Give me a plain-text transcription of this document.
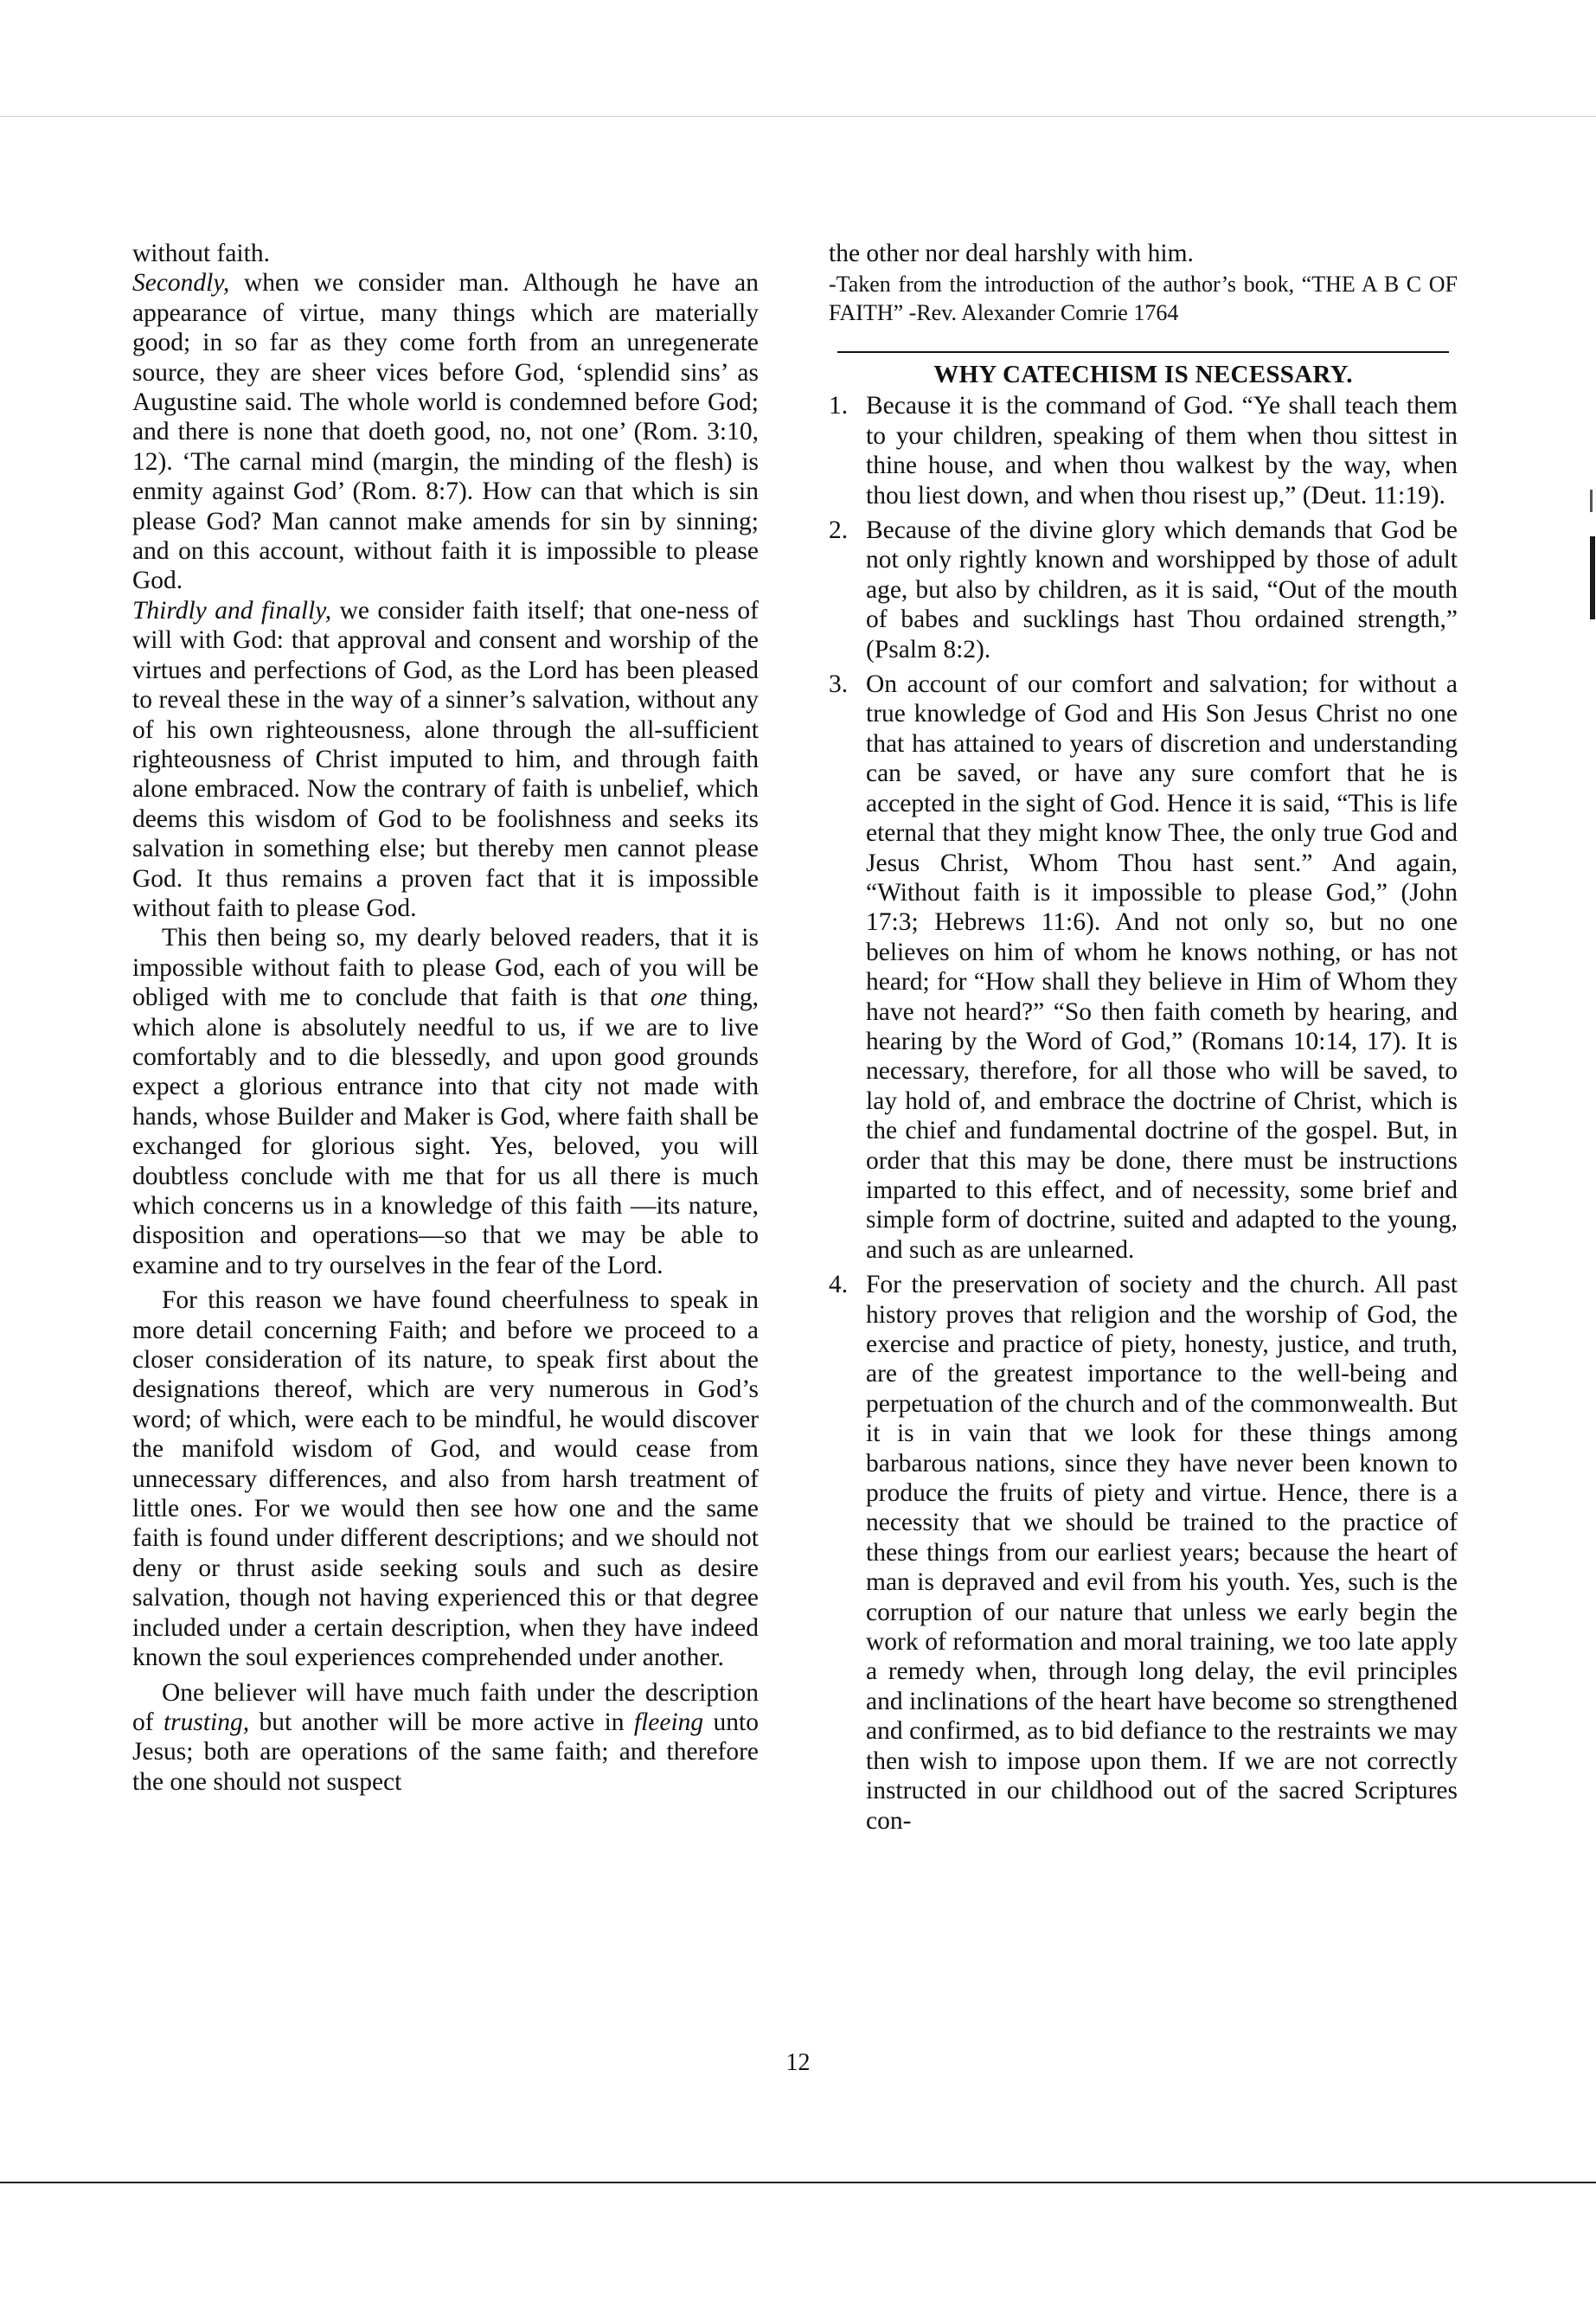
without faith.

Secondly, when we consider man. Although he have an appearance of virtue, many things which are materially good; in so far as they come forth from an unregenerate source, they are sheer vices before God, ‘splendid sins’ as Augustine said. The whole world is condemned before God; and there is none that doeth good, no, not one’ (Rom. 3:10, 12). ‘The carnal mind (margin, the minding of the flesh) is enmity against God’ (Rom. 8:7). How can that which is sin please God? Man cannot make amends for sin by sinning; and on this account, without faith it is impossible to please God.

Thirdly and finally, we consider faith itself; that one-ness of will with God: that approval and consent and worship of the virtues and perfections of God, as the Lord has been pleased to reveal these in the way of a sinner’s salvation, without any of his own righteousness, alone through the all-sufficient righteousness of Christ imputed to him, and through faith alone embraced. Now the contrary of faith is unbelief, which deems this wisdom of God to be foolishness and seeks its salvation in something else; but thereby men cannot please God. It thus remains a proven fact that it is impossible without faith to please God.

This then being so, my dearly beloved readers, that it is impossible without faith to please God, each of you will be obliged with me to conclude that faith is that one thing, which alone is absolutely needful to us, if we are to live comfortably and to die blessedly, and upon good grounds expect a glorious entrance into that city not made with hands, whose Builder and Maker is God, where faith shall be exchanged for glorious sight. Yes, beloved, you will doubtless conclude with me that for us all there is much which concerns us in a knowledge of this faith —its nature, disposition and operations—so that we may be able to examine and to try ourselves in the fear of the Lord.

For this reason we have found cheerfulness to speak in more detail concerning Faith; and before we proceed to a closer consideration of its nature, to speak first about the designations thereof, which are very numerous in God’s word; of which, were each to be mindful, he would discover the manifold wisdom of God, and would cease from unnecessary differences, and also from harsh treatment of little ones. For we would then see how one and the same faith is found under different descriptions; and we should not deny or thrust aside seeking souls and such as desire salvation, though not having experienced this or that degree included under a certain description, when they have indeed known the soul experiences comprehended under another.

One believer will have much faith under the description of trusting, but another will be more active in fleeing unto Jesus; both are operations of the same faith; and therefore the one should not suspect

the other nor deal harshly with him.

-Taken from the introduction of the author’s book, “THE A B C OF FAITH” -Rev. Alexander Comrie 1764

WHY CATECHISM IS NECESSARY.

1. Because it is the command of God. “Ye shall teach them to your children, speaking of them when thou sittest in thine house, and when thou walkest by the way, when thou liest down, and when thou risest up,” (Deut. 11:19).
2. Because of the divine glory which demands that God be not only rightly known and worshipped by those of adult age, but also by children, as it is said, “Out of the mouth of babes and sucklings hast Thou ordained strength,” (Psalm 8:2).
3. On account of our comfort and salvation; for without a true knowledge of God and His Son Jesus Christ no one that has attained to years of discretion and understanding can be saved, or have any sure comfort that he is accepted in the sight of God. Hence it is said, “This is life eternal that they might know Thee, the only true God and Jesus Christ, Whom Thou hast sent.” And again, “Without faith is it impossible to please God,” (John 17:3; Hebrews 11:6). And not only so, but no one believes on him of whom he knows nothing, or has not heard; for “How shall they believe in Him of Whom they have not heard?” “So then faith cometh by hearing, and hearing by the Word of God,” (Romans 10:14, 17). It is necessary, therefore, for all those who will be saved, to lay hold of, and embrace the doctrine of Christ, which is the chief and fundamental doctrine of the gospel. But, in order that this may be done, there must be instructions imparted to this effect, and of necessity, some brief and simple form of doctrine, suited and adapted to the young, and such as are unlearned.
4. For the preservation of society and the church. All past history proves that religion and the worship of God, the exercise and practice of piety, honesty, justice, and truth, are of the greatest importance to the well-being and perpetuation of the church and of the commonwealth. But it is in vain that we look for these things among barbarous nations, since they have never been known to produce the fruits of piety and virtue. Hence, there is a necessity that we should be trained to the practice of these things from our earliest years; because the heart of man is depraved and evil from his youth. Yes, such is the corruption of our nature that unless we early begin the work of reformation and moral training, we too late apply a remedy when, through long delay, the evil principles and inclinations of the heart have become so strengthened and confirmed, as to bid defiance to the restraints we may then wish to impose upon them. If we are not correctly instructed in our childhood out of the sacred Scriptures con-
12
